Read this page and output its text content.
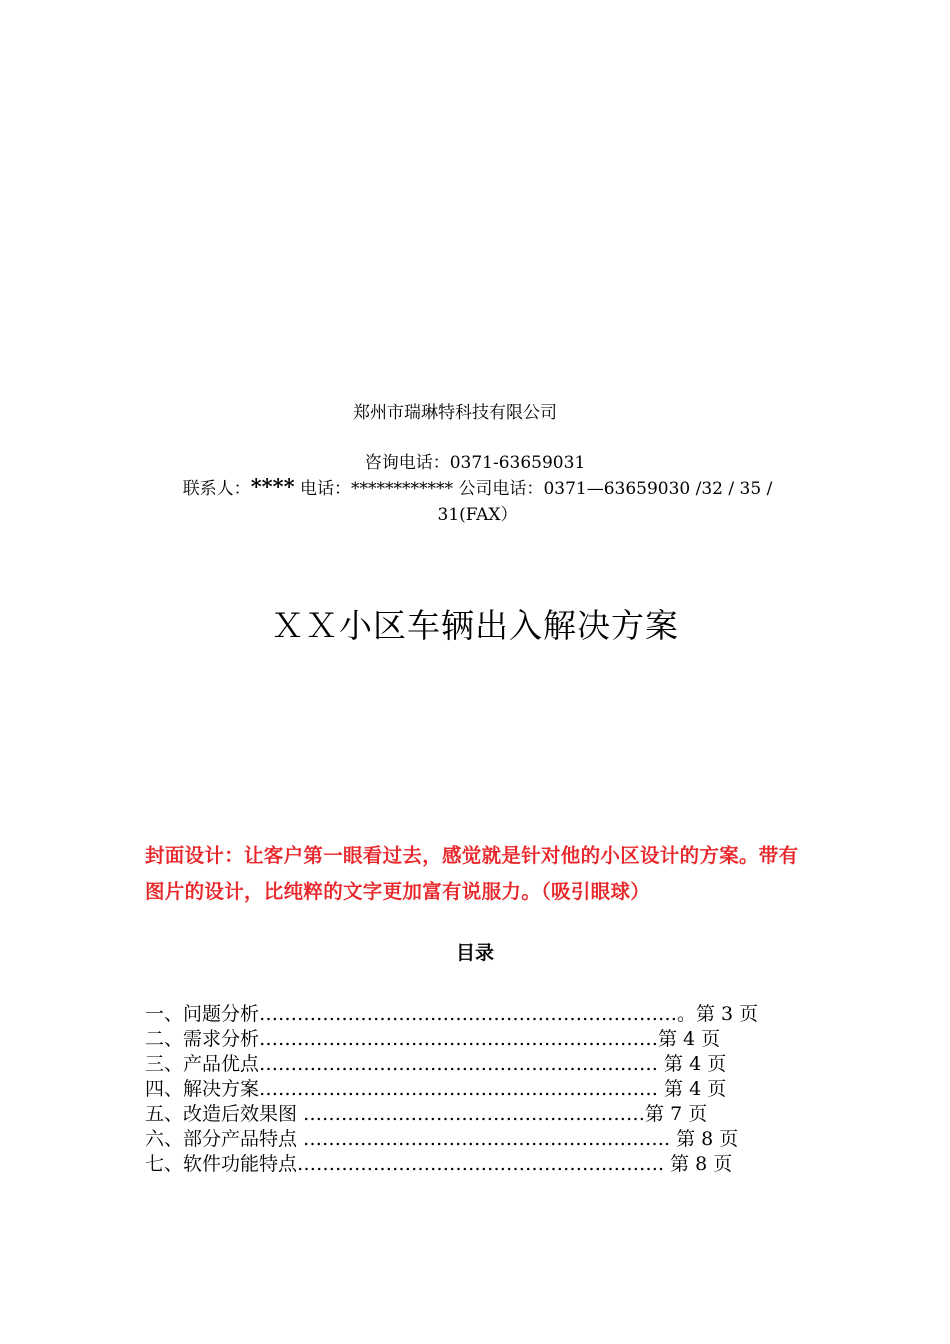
郑州市瑞琳特科技有限公司
咨询电话：0371-63659031
联系人：**** 电话：************ 公司电话：0371—63659030 /32 / 35 / 31(FAX）
ＸＸ小区车辆出入解决方案
封面设计：让客户第一眼看过去，感觉就是针对他的小区设计的方案。带有图片的设计，比纯粹的文字更加富有说服力。（吸引眼球）
目录
一、问题分析…………………………………………………………。第 3 页
二、需求分析………………………………………………………第 4 页
三、产品优点……………………………………………………… 第 4 页
四、解决方案……………………………………………………… 第 4 页
五、改造后效果图 ………………………………………………第 7 页
六、部分产品特点 …………………………………………………. 第 8 页
七、软件功能特点…………………………………………………. 第 8 页
